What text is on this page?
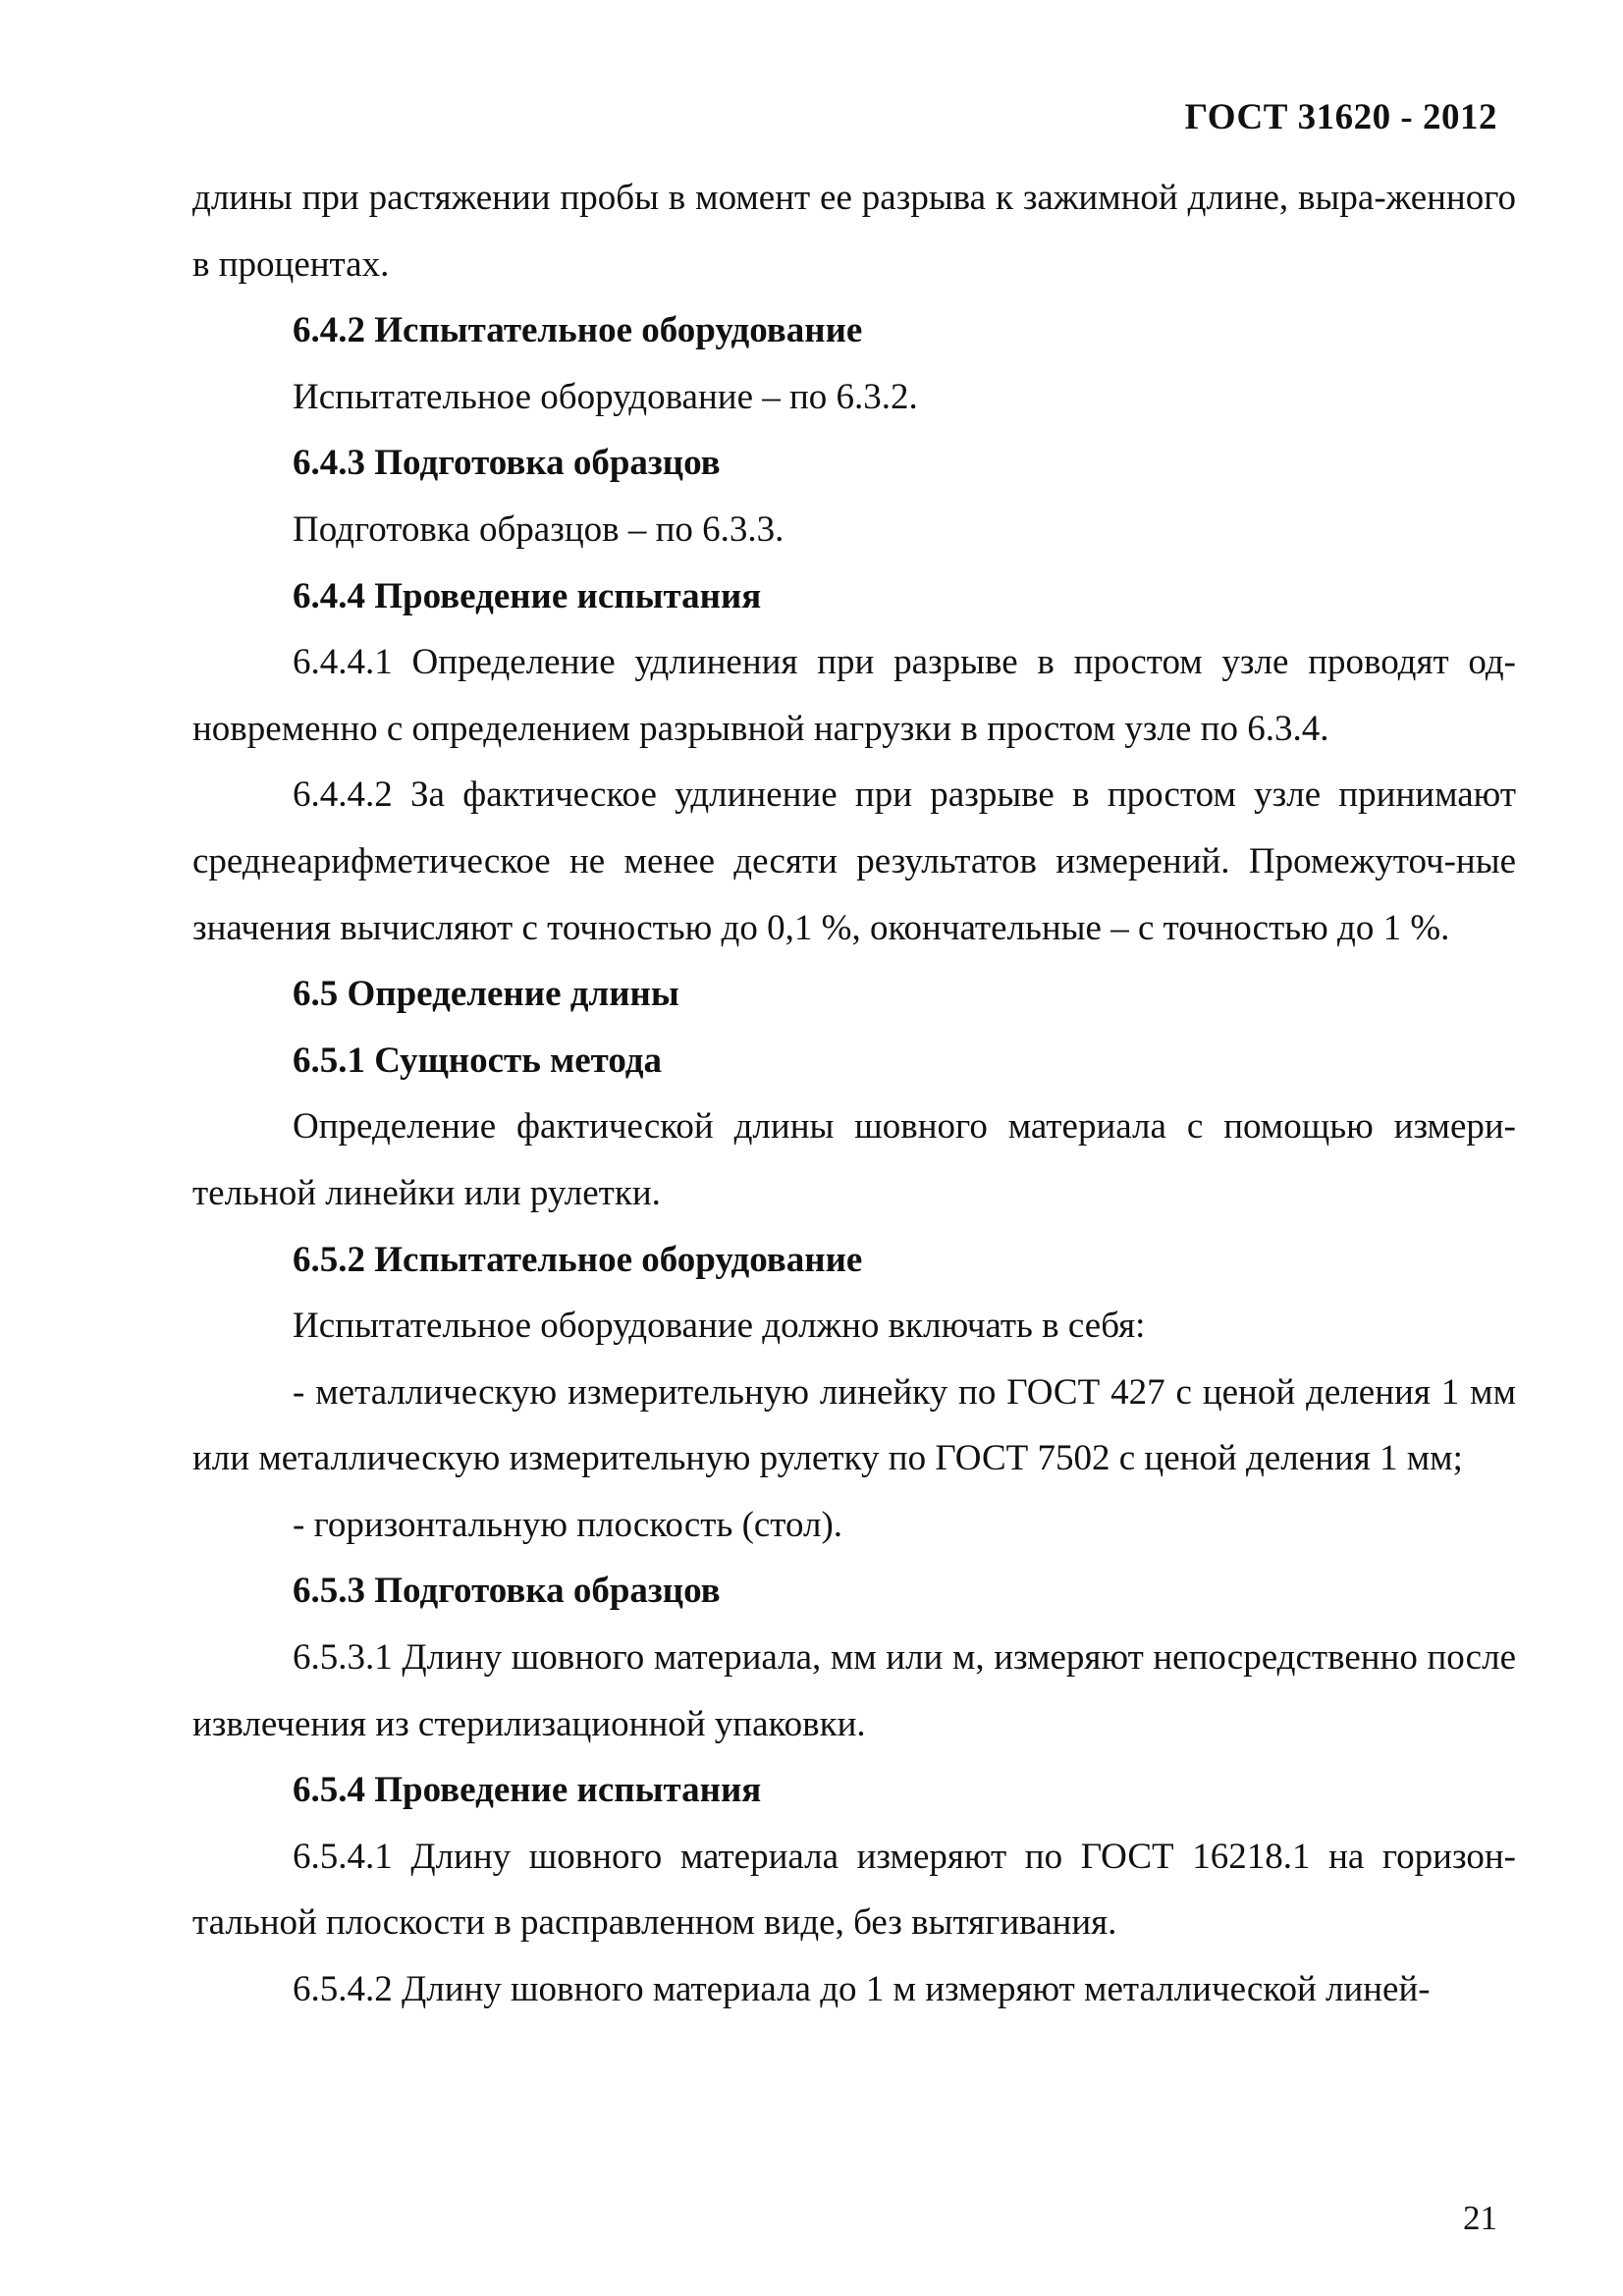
ГОСТ 31620 - 2012

длины при растяжении пробы в момент ее разрыва к зажимной длине, выра-женного в процентах.

6.4.2 Испытательное оборудование

Испытательное оборудование – по 6.3.2.

6.4.3 Подготовка образцов

Подготовка образцов – по 6.3.3.

6.4.4 Проведение испытания

6.4.4.1 Определение удлинения при разрыве в простом узле проводят од-новременно с определением разрывной нагрузки в простом узле по 6.3.4.

6.4.4.2 За фактическое удлинение при разрыве в простом узле принимают среднеарифметическое не менее десяти результатов измерений. Промежуточ-ные значения вычисляют с точностью до 0,1 %, окончательные – с точностью до 1 %.

6.5 Определение длины

6.5.1 Сущность метода

Определение фактической длины шовного материала с помощью измери-тельной линейки или рулетки.

6.5.2 Испытательное оборудование

Испытательное оборудование должно включать в себя:

- металлическую измерительную линейку по ГОСТ 427 с ценой деления 1 мм или металлическую измерительную рулетку по ГОСТ 7502 с ценой деления 1 мм;

- горизонтальную плоскость (стол).

6.5.3 Подготовка образцов

6.5.3.1 Длину шовного материала, мм или м, измеряют непосредственно после извлечения из стерилизационной упаковки.

6.5.4 Проведение испытания

6.5.4.1 Длину шовного материала измеряют по ГОСТ 16218.1 на горизон-тальной плоскости в расправленном виде, без вытягивания.

6.5.4.2 Длину шовного материала до 1 м измеряют металлической линей-

21
